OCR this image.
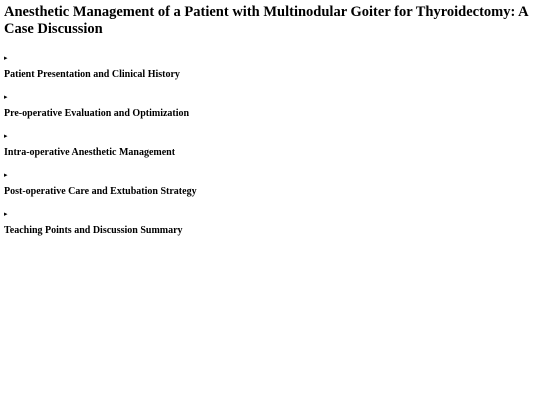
Anesthetic Management of a Patient with Multinodular Goiter for Thyroidectomy: A Case Discussion
▸
Patient Presentation and Clinical History
▸
Pre-operative Evaluation and Optimization
▸
Intra-operative Anesthetic Management
▸
Post-operative Care and Extubation Strategy
▸
Teaching Points and Discussion Summary
